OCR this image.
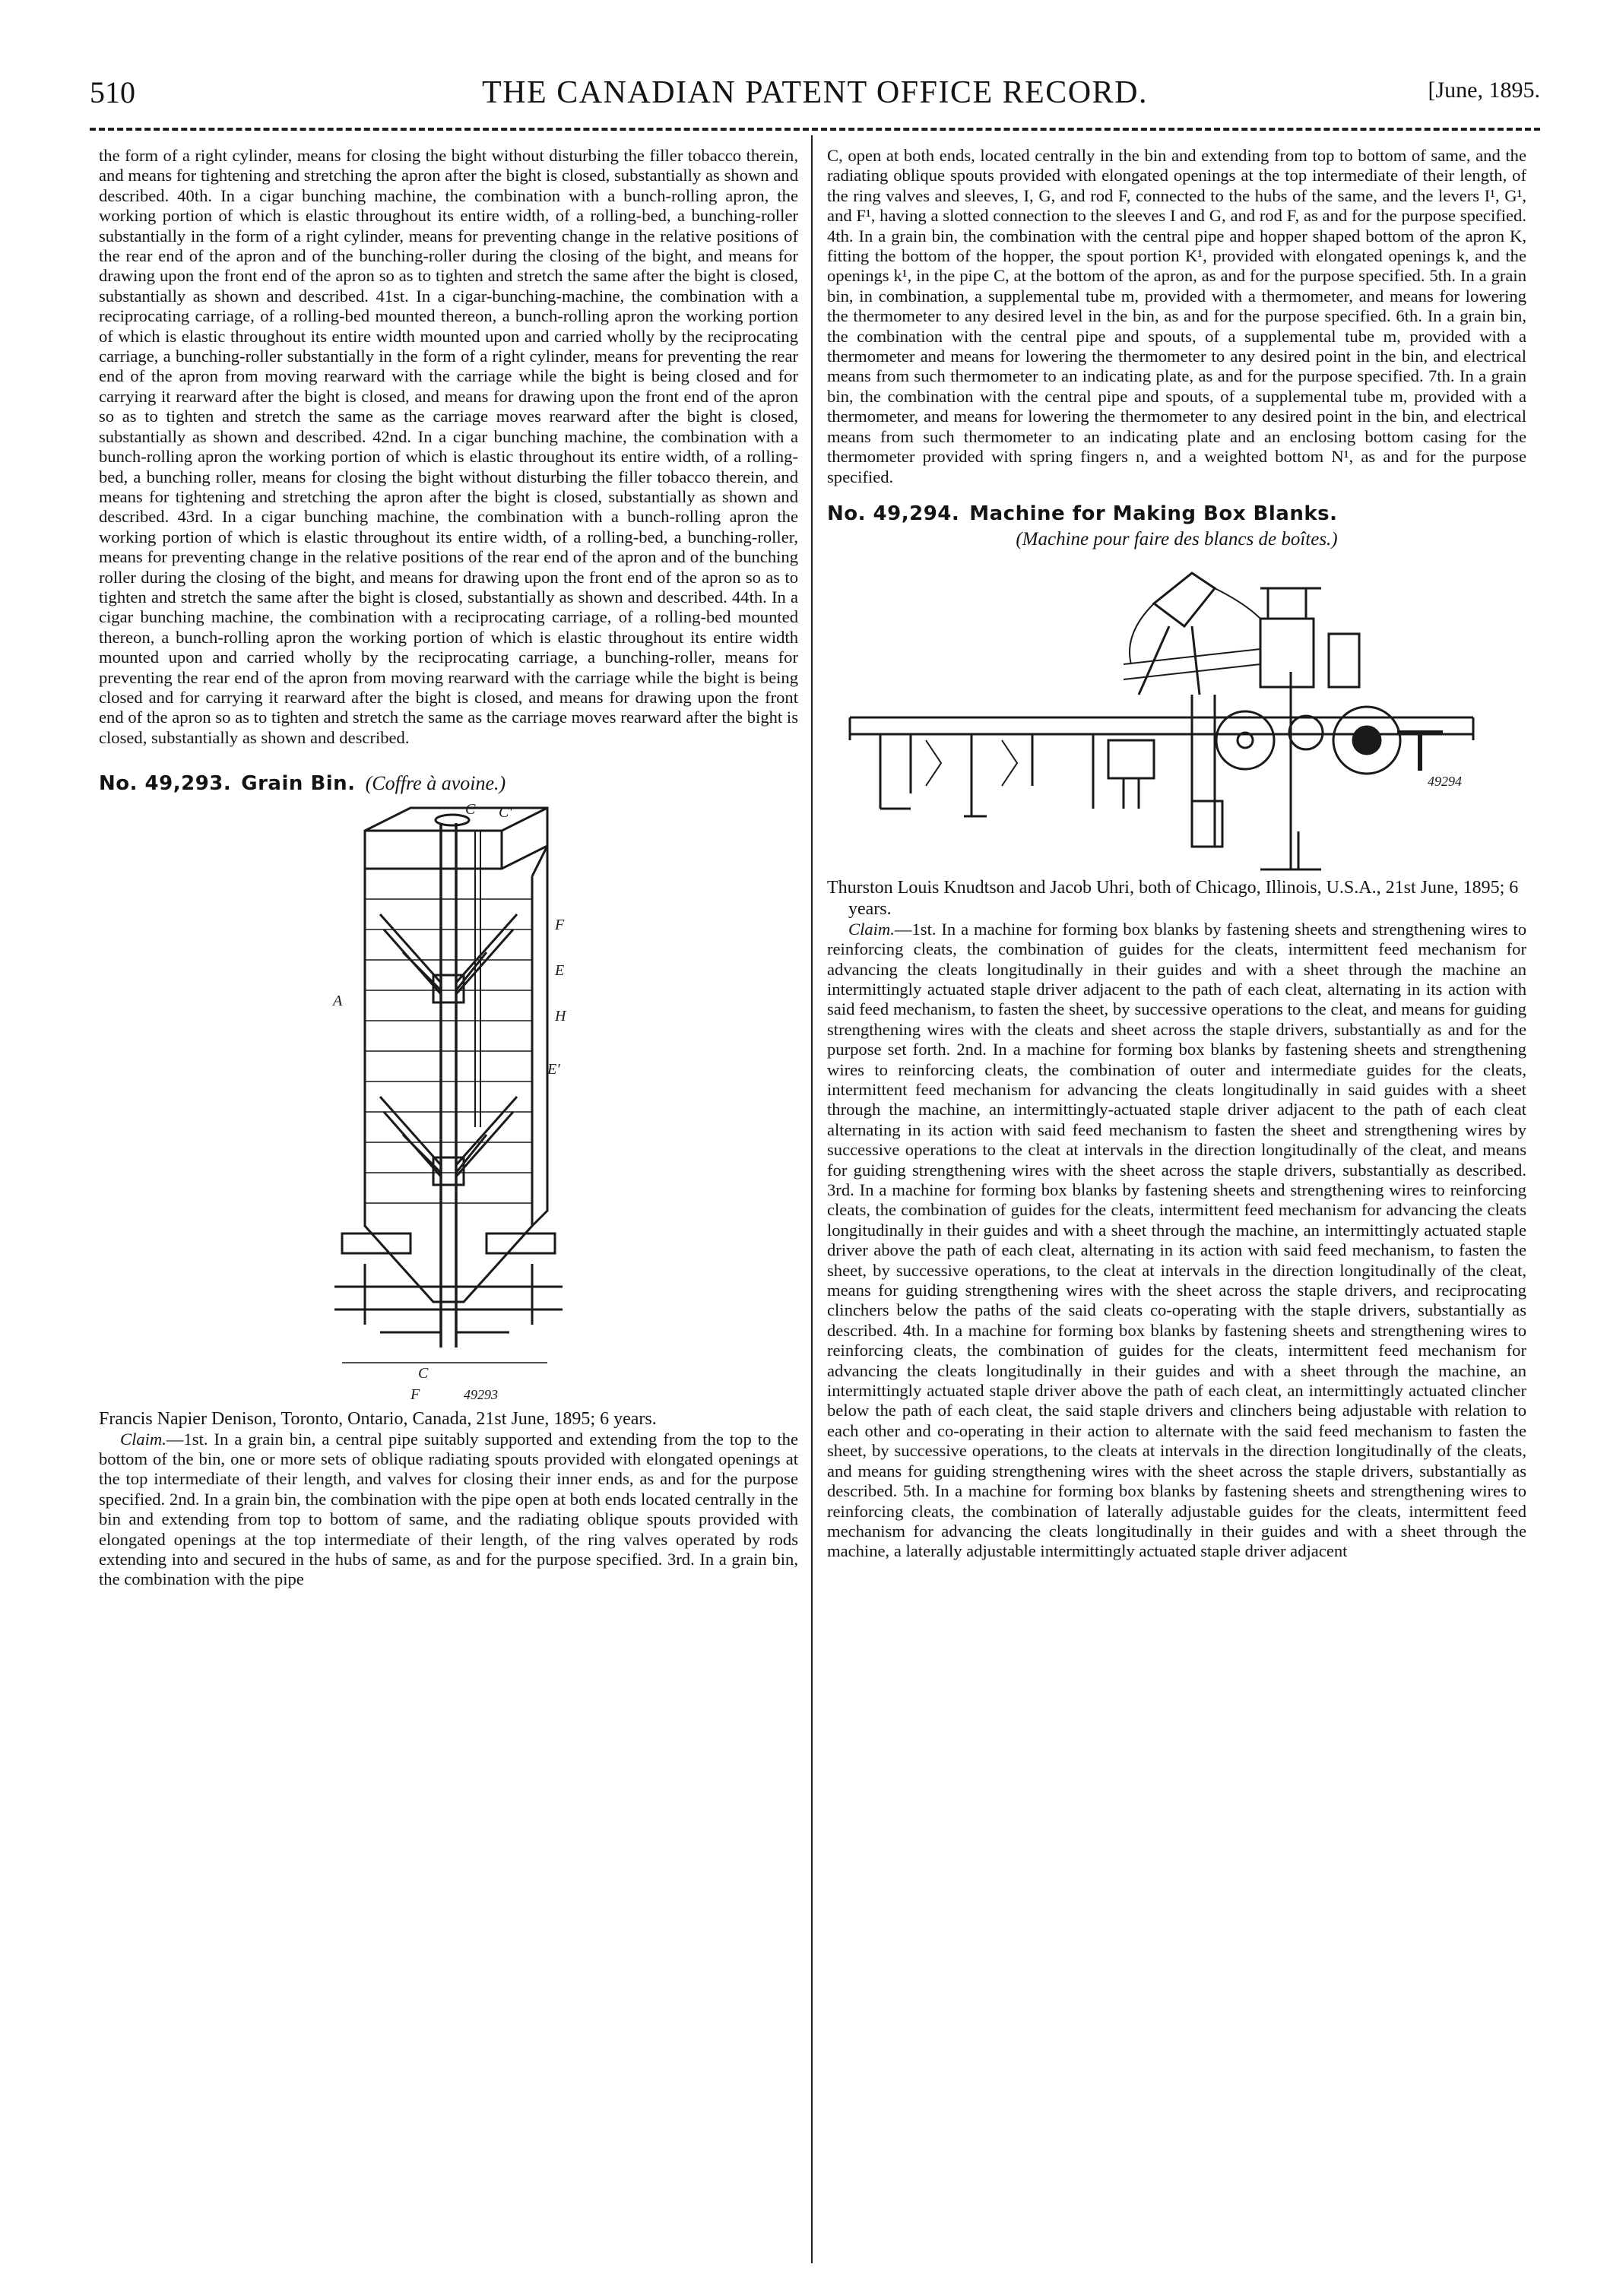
510	THE CANADIAN PATENT OFFICE RECORD.	[June, 1895.

the form of a right cylinder, means for closing the bight without disturbing the filler tobacco therein, and means for tightening and stretching the apron after the bight is closed, substantially as shown and described. 40th. In a cigar bunching machine, the combination with a bunch-rolling apron, the working portion of which is elastic throughout its entire width, of a rolling-bed, a bunching-roller substantially in the form of a right cylinder, means for preventing change in the relative positions of the rear end of the apron and of the bunching-roller during the closing of the bight, and means for drawing upon the front end of the apron so as to tighten and stretch the same after the bight is closed, substantially as shown and described. 41st. In a cigar-bunching-machine, the combination with a reciprocating carriage, of a rolling-bed mounted thereon, a bunch-rolling apron the working portion of which is elastic throughout its entire width mounted upon and carried wholly by the reciprocating carriage, a bunching-roller substantially in the form of a right cylinder, means for preventing the rear end of the apron from moving rearward with the carriage while the bight is being closed and for carrying it rearward after the bight is closed, and means for drawing upon the front end of the apron so as to tighten and stretch the same as the carriage moves rearward after the bight is closed, substantially as shown and described. 42nd. In a cigar bunching machine, the combination with a bunch-rolling apron the working portion of which is elastic throughout its entire width, of a rolling-bed, a bunching roller, means for closing the bight without disturbing the filler tobacco therein, and means for tightening and stretching the apron after the bight is closed, substantially as shown and described. 43rd. In a cigar bunching machine, the combination with a bunch-rolling apron the working portion of which is elastic throughout its entire width, of a rolling-bed, a bunching-roller, means for preventing change in the relative positions of the rear end of the apron and of the bunching roller during the closing of the bight, and means for drawing upon the front end of the apron so as to tighten and stretch the same after the bight is closed, substantially as shown and described. 44th. In a cigar bunching machine, the combination with a reciprocating carriage, of a rolling-bed mounted thereon, a bunch-rolling apron the working portion of which is elastic throughout its entire width mounted upon and carried wholly by the reciprocating carriage, a bunching-roller, means for preventing the rear end of the apron from moving rearward with the carriage while the bight is being closed and for carrying it rearward after the bight is closed, and means for drawing upon the front end of the apron so as to tighten and stretch the same as the carriage moves rearward after the bight is closed, substantially as shown and described.

No. 49,293. Grain Bin. (Coffre à avoine.)
C C'
F
E
H
A
E'
C
F	49293

Francis Napier Denison, Toronto, Ontario, Canada, 21st June, 1895; 6 years.

Claim.—1st. In a grain bin, a central pipe suitably supported and extending from the top to the bottom of the bin, one or more sets of oblique radiating spouts provided with elongated openings at the top intermediate of their length, and valves for closing their inner ends, as and for the purpose specified. 2nd. In a grain bin, the combination with the pipe open at both ends located centrally in the bin and extending from top to bottom of same, and the radiating oblique spouts provided with elongated openings at the top intermediate of their length, of the ring valves operated by rods extending into and secured in the hubs of same, as and for the purpose specified. 3rd. In a grain bin, the combination with the pipe

C, open at both ends, located centrally in the bin and extending from top to bottom of same, and the radiating oblique spouts provided with elongated openings at the top intermediate of their length, of the ring valves and sleeves, I, G, and rod F, connected to the hubs of the same, and the levers I¹, G¹, and F¹, having a slotted connection to the sleeves I and G, and rod F, as and for the purpose specified. 4th. In a grain bin, the combination with the central pipe and hopper shaped bottom of the apron K, fitting the bottom of the hopper, the spout portion K¹, provided with elongated openings k, and the openings k¹, in the pipe C, at the bottom of the apron, as and for the purpose specified. 5th. In a grain bin, in combination, a supplemental tube m, provided with a thermometer, and means for lowering the thermometer to any desired level in the bin, as and for the purpose specified. 6th. In a grain bin, the combination with the central pipe and spouts, of a supplemental tube m, provided with a thermometer and means for lowering the thermometer to any desired point in the bin, and electrical means from such thermometer to an indicating plate, as and for the purpose specified. 7th. In a grain bin, the combination with the central pipe and spouts, of a supplemental tube m, provided with a thermometer, and means for lowering the thermometer to any desired point in the bin, and electrical means from such thermometer to an indicating plate and an enclosing bottom casing for the thermometer provided with spring fingers n, and a weighted bottom N¹, as and for the purpose specified.

No. 49,294. Machine for Making Box Blanks.
(Machine pour faire des blancs de boîtes.)
49294

Thurston Louis Knudtson and Jacob Uhri, both of Chicago, Illinois, U.S.A., 21st June, 1895; 6 years.

Claim.—1st. In a machine for forming box blanks by fastening sheets and strengthening wires to reinforcing cleats, the combination of guides for the cleats, intermittent feed mechanism for advancing the cleats longitudinally in their guides and with a sheet through the machine an intermittingly actuated staple driver adjacent to the path of each cleat, alternating in its action with said feed mechanism, to fasten the sheet, by successive operations to the cleat, and means for guiding strengthening wires with the cleats and sheet across the staple drivers, substantially as and for the purpose set forth. 2nd. In a machine for forming box blanks by fastening sheets and strengthening wires to reinforcing cleats, the combination of outer and intermediate guides for the cleats, intermittent feed mechanism for advancing the cleats longitudinally in said guides with a sheet through the machine, an intermittingly-actuated staple driver adjacent to the path of each cleat alternating in its action with said feed mechanism to fasten the sheet and strengthening wires by successive operations to the cleat at intervals in the direction longitudinally of the cleat, and means for guiding strengthening wires with the sheet across the staple drivers, substantially as described. 3rd. In a machine for forming box blanks by fastening sheets and strengthening wires to reinforcing cleats, the combination of guides for the cleats, intermittent feed mechanism for advancing the cleats longitudinally in their guides and with a sheet through the machine, an intermittingly actuated staple driver above the path of each cleat, alternating in its action with said feed mechanism, to fasten the sheet, by successive operations, to the cleat at intervals in the direction longitudinally of the cleat, means for guiding strengthening wires with the sheet across the staple drivers, and reciprocating clinchers below the paths of the said cleats co-operating with the staple drivers, substantially as described. 4th. In a machine for forming box blanks by fastening sheets and strengthening wires to reinforcing cleats, the combination of guides for the cleats, intermittent feed mechanism for advancing the cleats longitudinally in their guides and with a sheet through the machine, an intermittingly actuated staple driver above the path of each cleat, an intermittingly actuated clincher below the path of each cleat, the said staple drivers and clinchers being adjustable with relation to each other and co-operating in their action to alternate with the said feed mechanism to fasten the sheet, by successive operations, to the cleats at intervals in the direction longitudinally of the cleats, and means for guiding strengthening wires with the sheet across the staple drivers, substantially as described. 5th. In a machine for forming box blanks by fastening sheets and strengthening wires to reinforcing cleats, the combination of laterally adjustable guides for the cleats, intermittent feed mechanism for advancing the cleats longitudinally in their guides and with a sheet through the machine, a laterally adjustable intermittingly actuated staple driver adjacent
